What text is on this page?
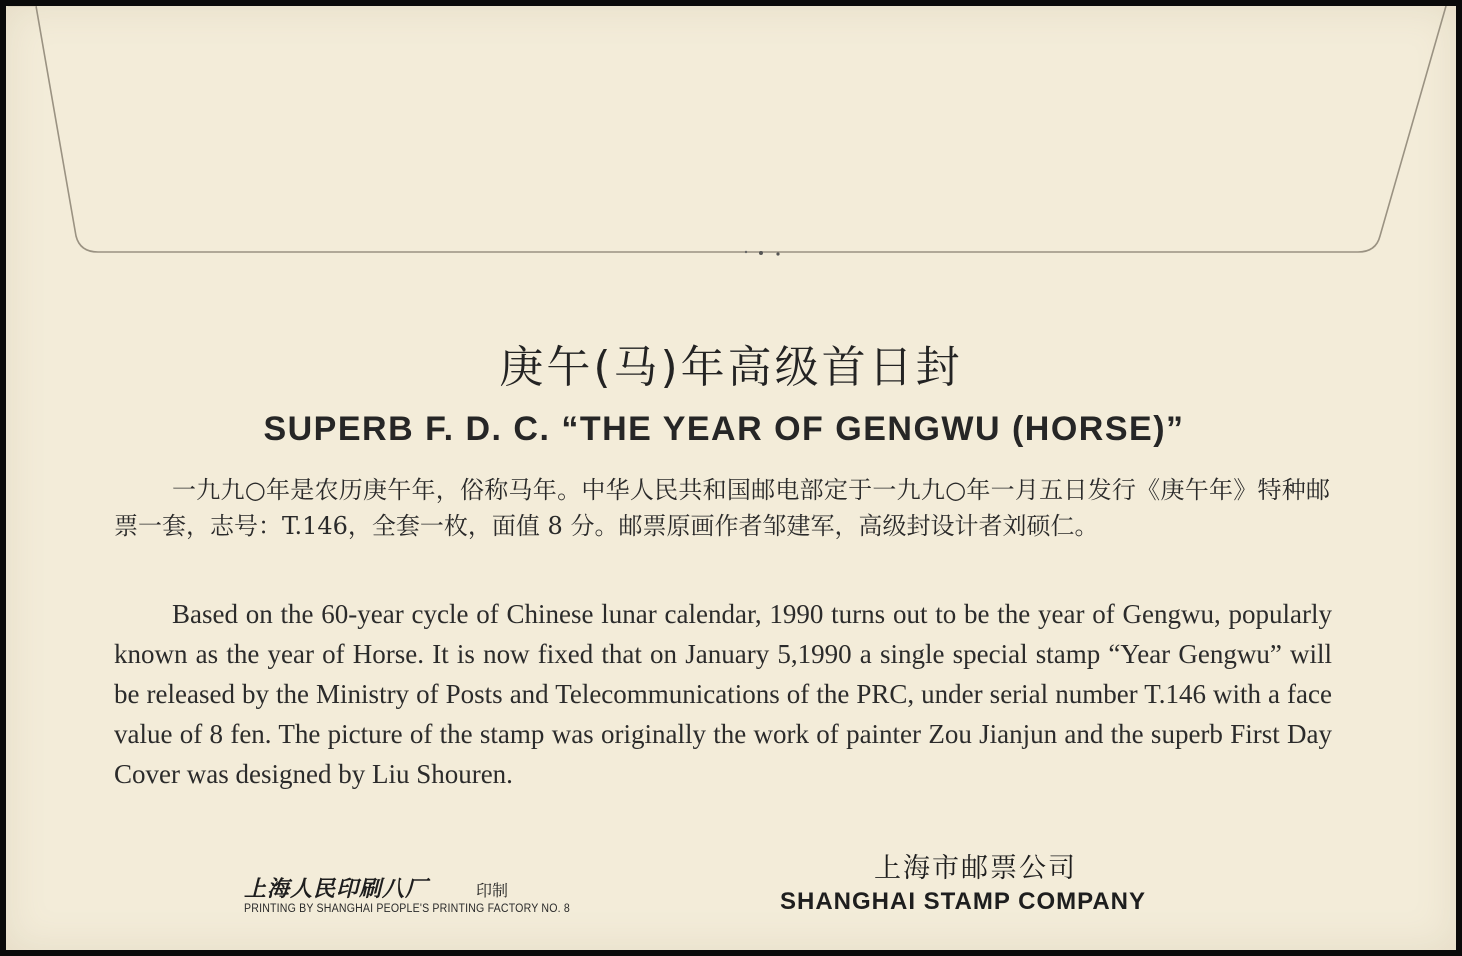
庚午(马)年高级首日封
SUPERB F. D. C. “THE YEAR OF GENGWU (HORSE)”
一九九○年是农历庚午年，俗称马年。中华人民共和国邮电部定于一九九○年一月五日发行《庚午年》特种邮票一套，志号：T.146，全套一枚，面值 8 分。邮票原画作者邹建军，高级封设计者刘硕仁。
Based on the 60-year cycle of Chinese lunar calendar, 1990 turns out to be the year of Gengwu, popularly known as the year of Horse. It is now fixed that on January 5,1990 a single special stamp “Year Gengwu” will be released by the Ministry of Posts and Telecommunications of the PRC, under serial number T.146 with a face value of 8 fen. The picture of the stamp was originally the work of painter Zou Jianjun and the superb First Day Cover was designed by Liu Shouren.
上海人民印刷八厂	印制
PRINTING BY SHANGHAI PEOPLE'S PRINTING FACTORY NO. 8
上海市邮票公司
SHANGHAI STAMP COMPANY
